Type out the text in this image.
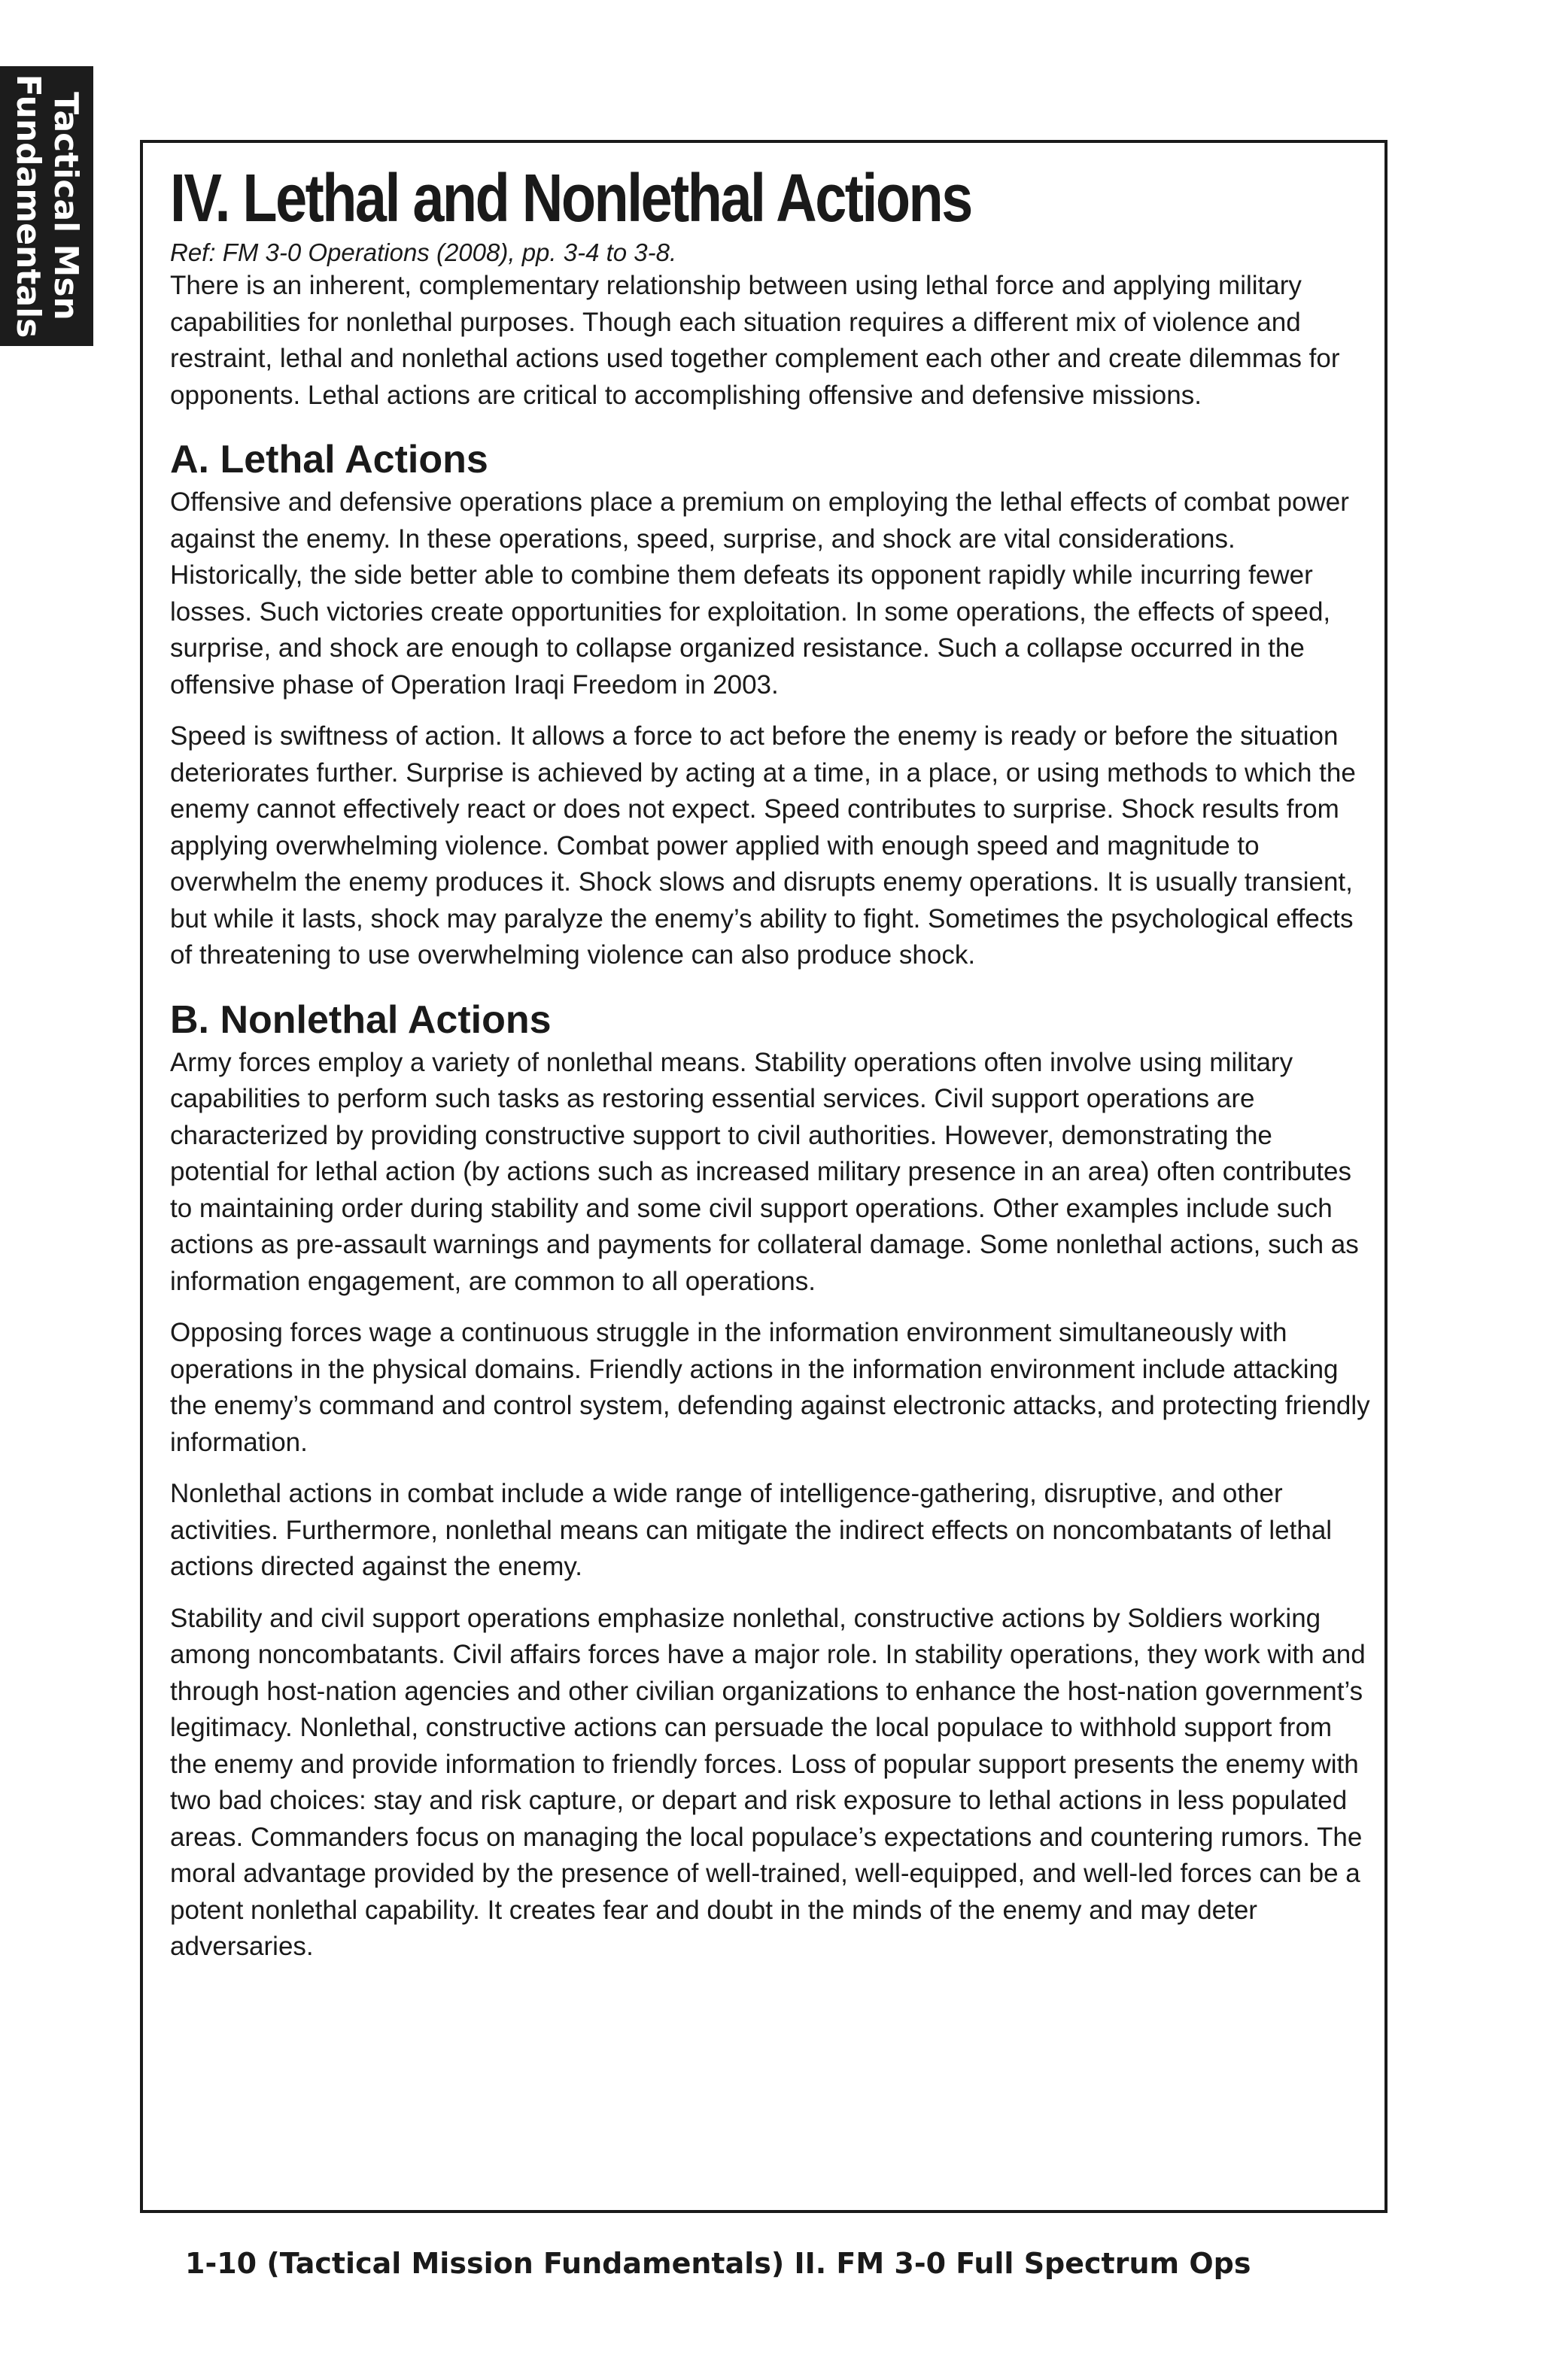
Tactical Msn
Fundamentals IV. Lethal and Nonlethal Actions
Ref: FM 3-0 Operations (2008), pp. 3-4 to 3-8.

There is an inherent, complementary relationship between using lethal force and applying military capabilities for nonlethal purposes. Though each situation requires a different mix of violence and restraint, lethal and nonlethal actions used together complement each other and create dilemmas for opponents. Lethal actions are critical to accomplishing offensive and defensive missions.

A. Lethal Actions

Offensive and defensive operations place a premium on employing the lethal effects of combat power against the enemy. In these operations, speed, surprise, and shock are vital considerations. Historically, the side better able to combine them defeats its opponent rapidly while incurring fewer losses. Such victories create opportunities for exploitation. In some operations, the effects of speed, surprise, and shock are enough to collapse organized resistance. Such a collapse occurred in the offensive phase of Operation Iraqi Freedom in 2003.

Speed is swiftness of action. It allows a force to act before the enemy is ready or before the situation deteriorates further. Surprise is achieved by acting at a time, in a place, or using methods to which the enemy cannot effectively react or does not expect. Speed contributes to surprise. Shock results from applying overwhelming violence. Combat power applied with enough speed and magnitude to overwhelm the enemy produces it. Shock slows and disrupts enemy operations. It is usually transient, but while it lasts, shock may paralyze the enemy’s ability to fight. Sometimes the psychological effects of threatening to use overwhelming violence can also produce shock.

B. Nonlethal Actions

Army forces employ a variety of nonlethal means. Stability operations often involve using military capabilities to perform such tasks as restoring essential services. Civil support operations are characterized by providing constructive support to civil authorities. However, demonstrating the potential for lethal action (by actions such as increased military presence in an area) often contributes to maintaining order during stability and some civil support operations. Other examples include such actions as pre-assault warnings and payments for collateral damage. Some nonlethal actions, such as information engagement, are common to all operations.

Opposing forces wage a continuous struggle in the information environment simultaneously with operations in the physical domains. Friendly actions in the information environment include attacking the enemy’s command and control system, defending against electronic attacks, and protecting friendly information.

Nonlethal actions in combat include a wide range of intelligence-gathering, disruptive, and other activities. Furthermore, nonlethal means can mitigate the indirect effects on noncombatants of lethal actions directed against the enemy.

Stability and civil support operations emphasize nonlethal, constructive actions by Soldiers working among noncombatants. Civil affairs forces have a major role. In stability operations, they work with and through host-nation agencies and other civilian organizations to enhance the host-nation government’s legitimacy. Nonlethal, constructive actions can persuade the local populace to withhold support from the enemy and provide information to friendly forces. Loss of popular support presents the enemy with two bad choices: stay and risk capture, or depart and risk exposure to lethal actions in less populated areas. Commanders focus on managing the local populace’s expectations and countering rumors. The moral advantage provided by the presence of well-trained, well-equipped, and well-led forces can be a potent nonlethal capability. It creates fear and doubt in the minds of the enemy and may deter adversaries.

1-10 (Tactical Mission Fundamentals) II. FM 3-0 Full Spectrum Ops
